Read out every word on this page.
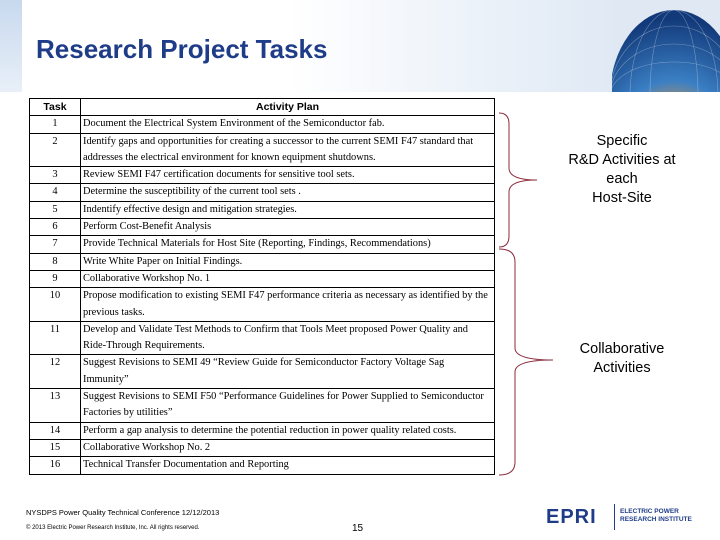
Research Project Tasks
Task	Activity Plan
1	Document the Electrical System Environment of the Semiconductor fab.
2	Identify gaps and opportunities for creating a successor to the current SEMI F47 standard that addresses the electrical environment for known equipment shutdowns.
3	Review SEMI F47 certification documents for sensitive tool sets.
4	Determine the susceptibility of the current tool sets .
5	Indentify effective design and mitigation strategies.
6	Perform Cost-Benefit Analysis
7	Provide Technical Materials for Host Site (Reporting, Findings, Recommendations)
8	Write White Paper on Initial Findings.
9	Collaborative Workshop No. 1
10	Propose modification to existing SEMI F47 performance criteria as necessary as identified by the previous tasks.
11	Develop and Validate Test Methods to Confirm that Tools Meet proposed Power Quality and Ride-Through Requirements.
12	Suggest Revisions to SEMI 49 “Review Guide for Semiconductor Factory Voltage Sag Immunity”
13	Suggest Revisions to SEMI F50 “Performance Guidelines for Power Supplied to Semiconductor Factories by utilities”
14	Perform a gap analysis to determine the potential reduction in power quality related costs.
15	Collaborative Workshop No. 2
16	Technical Transfer Documentation and Reporting
Specific
R&D Activities at
each
Host-Site
Collaborative
Activities
NYSDPS Power Quality Technical Conference 12/12/2013
© 2013 Electric Power Research Institute, Inc. All rights reserved.	15
EPRI	ELECTRIC POWER RESEARCH INSTITUTE
